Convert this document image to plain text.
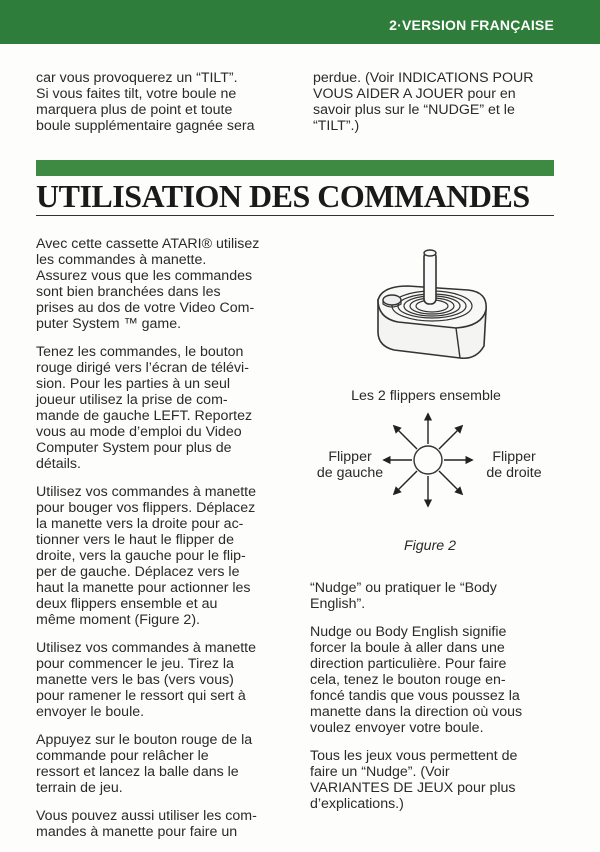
2·VERSION FRANÇAISE
car vous provoquerez un “TILT”.
Si vous faites tilt, votre boule ne
marquera plus de point et toute
boule supplémentaire gagnée sera
perdue. (Voir INDICATIONS POUR
VOUS AIDER A JOUER pour en
savoir plus sur le “NUDGE” et le
“TILT”.)
UTILISATION DES COMMANDES

Avec cette cassette ATARI® utilisez
les commandes à manette.
Assurez vous que les commandes
sont bien branchées dans les
prises au dos de votre Video Com-
puter System ™ game.

Tenez les commandes, le bouton
rouge dirigé vers l’écran de télévi-
sion. Pour les parties à un seul
joueur utilisez la prise de com-
mande de gauche LEFT. Reportez
vous au mode d’emploi du Video
Computer System pour plus de
détails.

Utilisez vos commandes à manette
pour bouger vos flippers. Déplacez
la manette vers la droite pour ac-
tionner vers le haut le flipper de
droite, vers la gauche pour le flip-
per de gauche. Déplacez vers le
haut la manette pour actionner les
deux flippers ensemble et au
même moment (Figure 2).

Utilisez vos commandes à manette
pour commencer le jeu. Tirez la
manette vers le bas (vers vous)
pour ramener le ressort qui sert à
envoyer le boule.

Appuyez sur le bouton rouge de la
commande pour relâcher le
ressort et lancez la balle dans le
terrain de jeu.

Vous pouvez aussi utiliser les com-
mandes à manette pour faire un

Les 2 flippers ensemble
Flipper
de gauche
Flipper
de droite
Figure 2

“Nudge” ou pratiquer le “Body
English”.

Nudge ou Body English signifie
forcer la boule à aller dans une
direction particulière. Pour faire
cela, tenez le bouton rouge en-
foncé tandis que vous poussez la
manette dans la direction où vous
voulez envoyer votre boule.

Tous les jeux vous permettent de
faire un “Nudge”. (Voir
VARIANTES DE JEUX pour plus
d’explications.)
